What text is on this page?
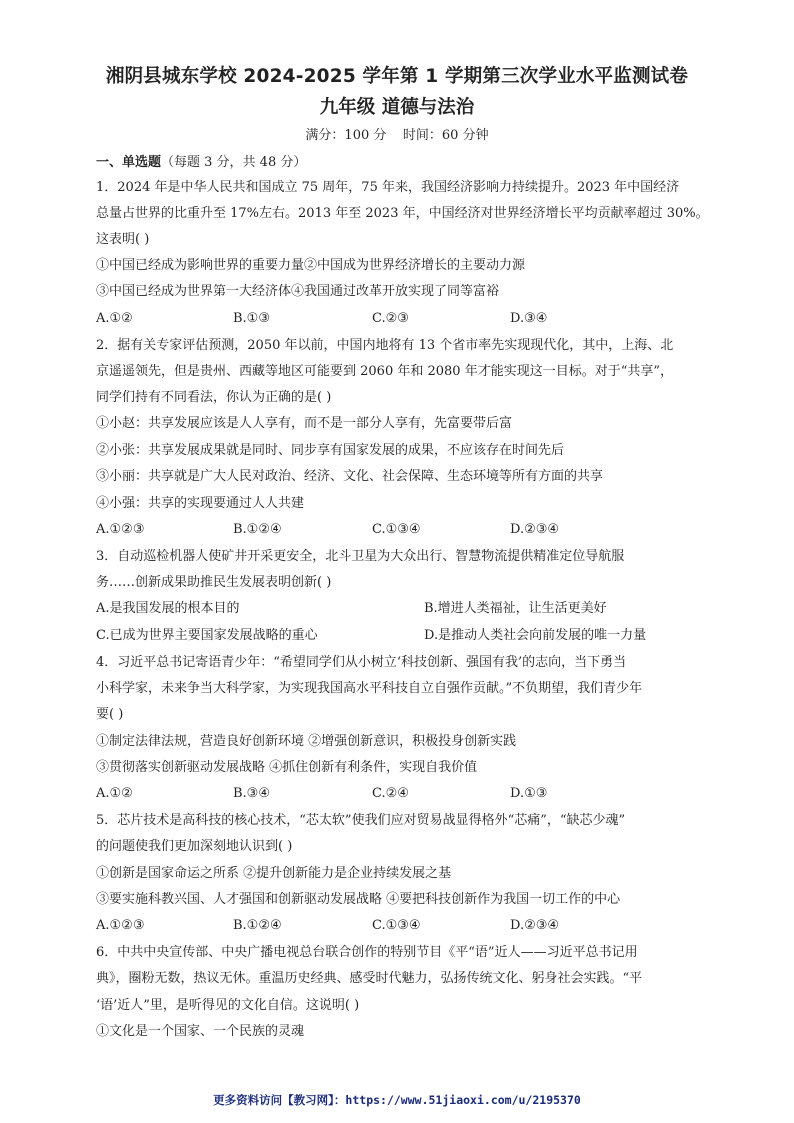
湘阴县城东学校 2024-2025 学年第 1 学期第三次学业水平监测试卷
九年级 道德与法治
满分：100 分    时间：60 分钟
一、单选题（每题 3 分，共 48 分）
1．2024 年是中华人民共和国成立 75 周年，75 年来，我国经济影响力持续提升。2023 年中国经济
总量占世界的比重升至 17%左右。2013 年至 2023 年，中国经济对世界经济增长平均贡献率超过 30%。
这表明( )
①中国已经成为影响世界的重要力量②中国成为世界经济增长的主要动力源
③中国已经成为世界第一大经济体④我国通过改革开放实现了同等富裕
A.①②	B.①③	C.②③	D.③④
2．据有关专家评估预测，2050 年以前，中国内地将有 13 个省市率先实现现代化，其中，上海、北
京遥遥领先，但是贵州、西藏等地区可能要到 2060 年和 2080 年才能实现这一目标。对于“共享”，
同学们持有不同看法，你认为正确的是( )
①小赵：共享发展应该是人人享有，而不是一部分人享有，先富要带后富
②小张：共享发展成果就是同时、同步享有国家发展的成果，不应该存在时间先后
③小丽：共享就是广大人民对政治、经济、文化、社会保障、生态环境等所有方面的共享
④小强：共享的实现要通过人人共建
A.①②③	B.①②④	C.①③④	D.②③④
3．自动巡检机器人使矿井开采更安全，北斗卫星为大众出行、智慧物流提供精准定位导航服
务……创新成果助推民生发展表明创新( )
A.是我国发展的根本目的	B.增进人类福祉，让生活更美好
C.已成为世界主要国家发展战略的重心	D.是推动人类社会向前发展的唯一力量
4．习近平总书记寄语青少年：“希望同学们从小树立‘科技创新、强国有我’的志向，当下勇当
小科学家，未来争当大科学家，为实现我国高水平科技自立自强作贡献。”不负期望，我们青少年
要( )
①制定法律法规，营造良好创新环境 ②增强创新意识，积极投身创新实践
③贯彻落实创新驱动发展战略 ④抓住创新有利条件，实现自我价值
A.①②	B.③④	C.②④	D.①③
5．芯片技术是高科技的核心技术，“芯太软”使我们应对贸易战显得格外“芯痛”，“缺芯少魂”
的问题使我们更加深刻地认识到( )
①创新是国家命运之所系 ②提升创新能力是企业持续发展之基
③要实施科教兴国、人才强国和创新驱动发展战略 ④要把科技创新作为我国一切工作的中心
A.①②③	B.①②④	C.①③④	D.②③④
6．中共中央宣传部、中央广播电视总台联合创作的特别节目《平“语”近人——习近平总书记用
典》，圈粉无数，热议无休。重温历史经典、感受时代魅力，弘扬传统文化、躬身社会实践。“平
‘语’近人”里，是听得见的文化自信。这说明( )
①文化是一个国家、一个民族的灵魂
更多资料访问【教习网】：https://www.51jiaoxi.com/u/2195370
